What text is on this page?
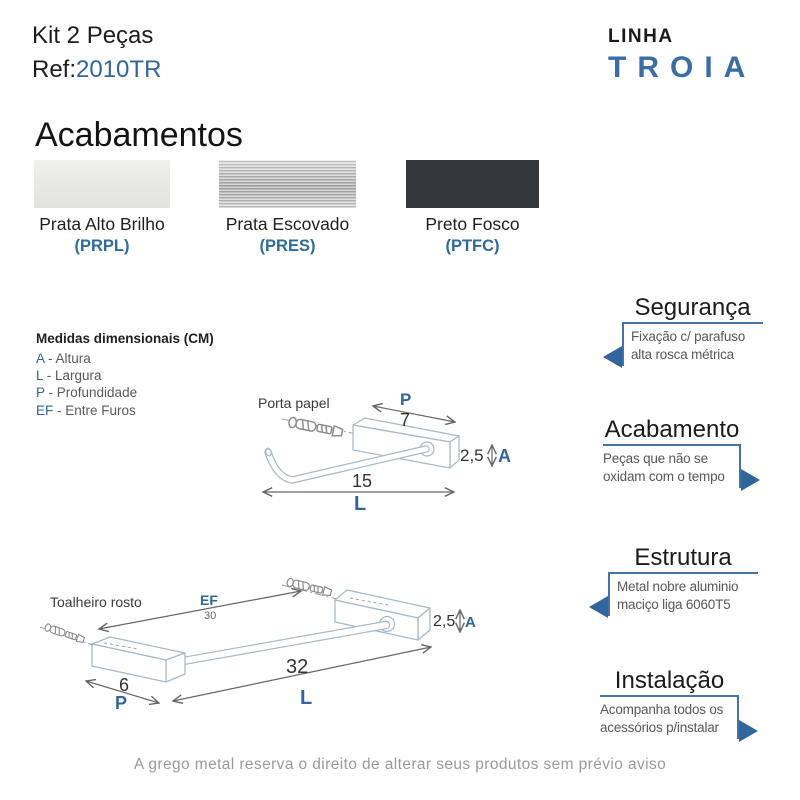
Kit 2 Peças
Ref:2010TR
LINHA
TROIA
Acabamentos
Prata Alto Brilho
(PRPL)
Prata Escovado
(PRES)
Preto Fosco
(PTFC)
Medidas dimensionais (CM)
A - Altura
L - Largura
P - Profundidade
EF - Entre Furos	Porta papel	P
7
2,5 A
15
L
Toalheiro rosto	EF
30	2,5 A
32
L
6
P
Segurança
Fixação c/ parafuso
alta rosca métrica
Acabamento
Peças que não se
oxidam com o tempo
Estrutura
Metal nobre aluminio
maciço liga 6060T5
Instalação
Acompanha todos os
acessórios p/instalar
A grego metal reserva o direito de alterar seus produtos sem prévio aviso
